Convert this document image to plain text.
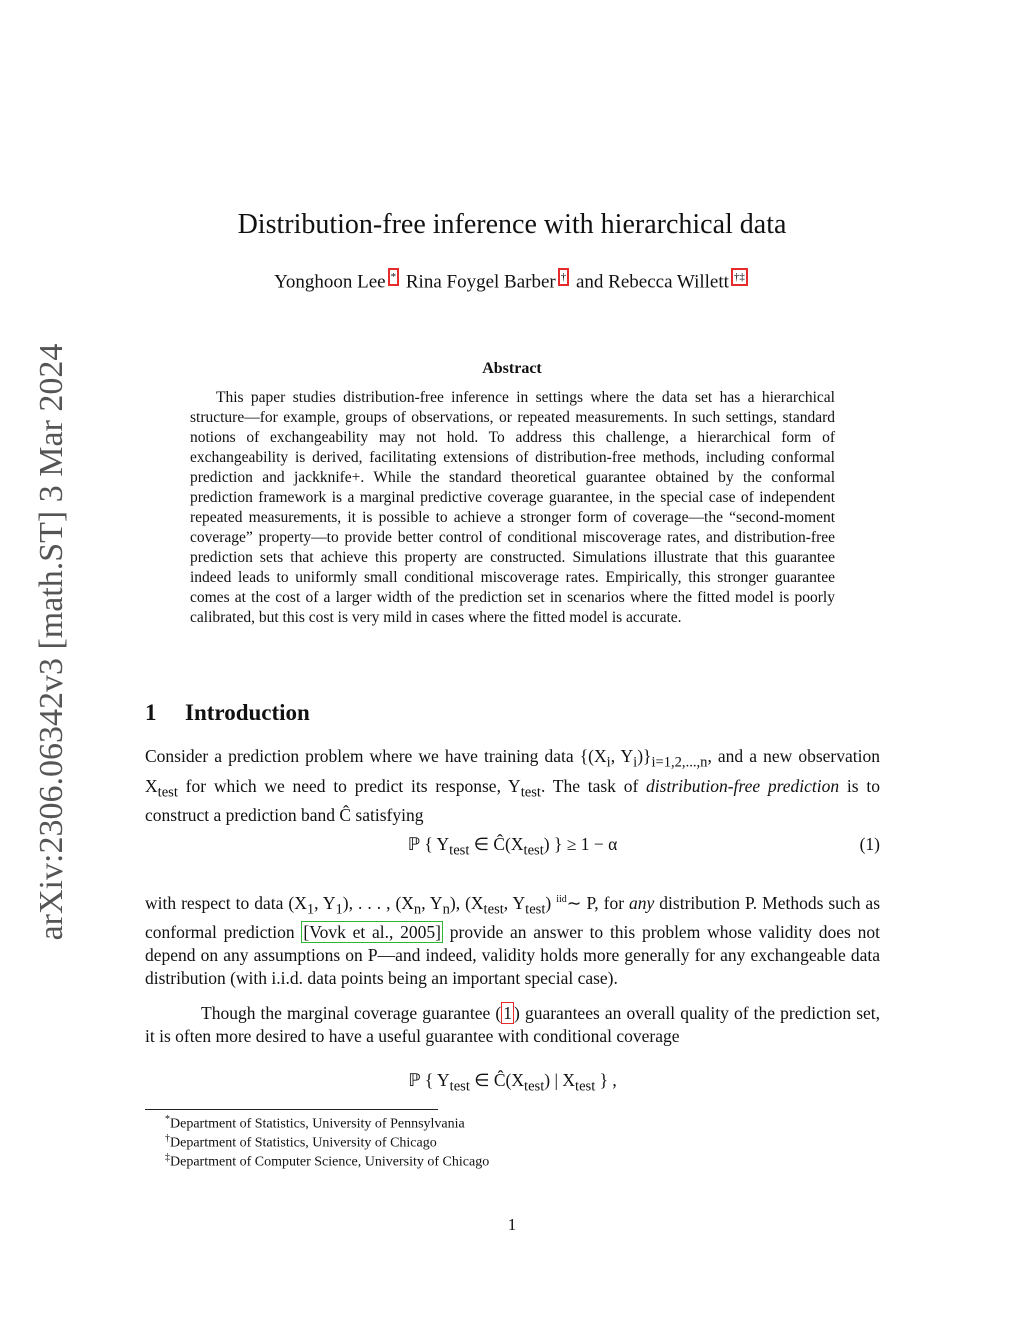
arXiv:2306.06342v3 [math.ST] 3 Mar 2024
Distribution-free inference with hierarchical data
Yonghoon Lee * Rina Foygel Barber † and Rebecca Willett †‡
Abstract
This paper studies distribution-free inference in settings where the data set has a hierarchical structure—for example, groups of observations, or repeated measurements. In such settings, standard notions of exchangeability may not hold. To address this challenge, a hierarchical form of exchangeability is derived, facilitating extensions of distribution-free methods, including conformal prediction and jackknife+. While the standard theoretical guarantee obtained by the conformal prediction framework is a marginal predictive coverage guarantee, in the special case of independent repeated measurements, it is possible to achieve a stronger form of coverage—the “second-moment coverage” property—to provide better control of conditional miscoverage rates, and distribution-free prediction sets that achieve this property are constructed. Simulations illustrate that this guarantee indeed leads to uniformly small conditional miscoverage rates. Empirically, this stronger guarantee comes at the cost of a larger width of the prediction set in scenarios where the fitted model is poorly calibrated, but this cost is very mild in cases where the fitted model is accurate.
1 Introduction
Consider a prediction problem where we have training data {($X_i$, $Y_i)\}_{i=1,2,...,n}$, and a new observation $X_{test}$ for which we need to predict its response, $Y_{test}$. The task of distribution-free prediction is to construct a prediction band Ĉ satisfying
ℙ { $Y_{test}$ ∈ $Ĉ(X_{test})$ } ≥ 1 − α	(1)
with respect to data ($X_1$, $Y_1$), . . . , ($X_n$, $Y_n$), ($X_{test}$, $Y_{test}$) $^{iid}$∼ P, for any distribution P. Methods such as conformal prediction [Vovk et al., 2005] provide an answer to this problem whose validity does not depend on any assumptions on P—and indeed, validity holds more generally for any exchangeable data distribution (with i.i.d. data points being an important special case).
Though the marginal coverage guarantee ( 1 ) guarantees an overall quality of the prediction set, it is often more desired to have a useful guarantee with conditional coverage
ℙ { $Y_{test}$ ∈ $Ĉ(X_{test})$ | $X_{test}$ } ,
*Department of Statistics, University of Pennsylvania
†Department of Statistics, University of Chicago
‡Department of Computer Science, University of Chicago
1
